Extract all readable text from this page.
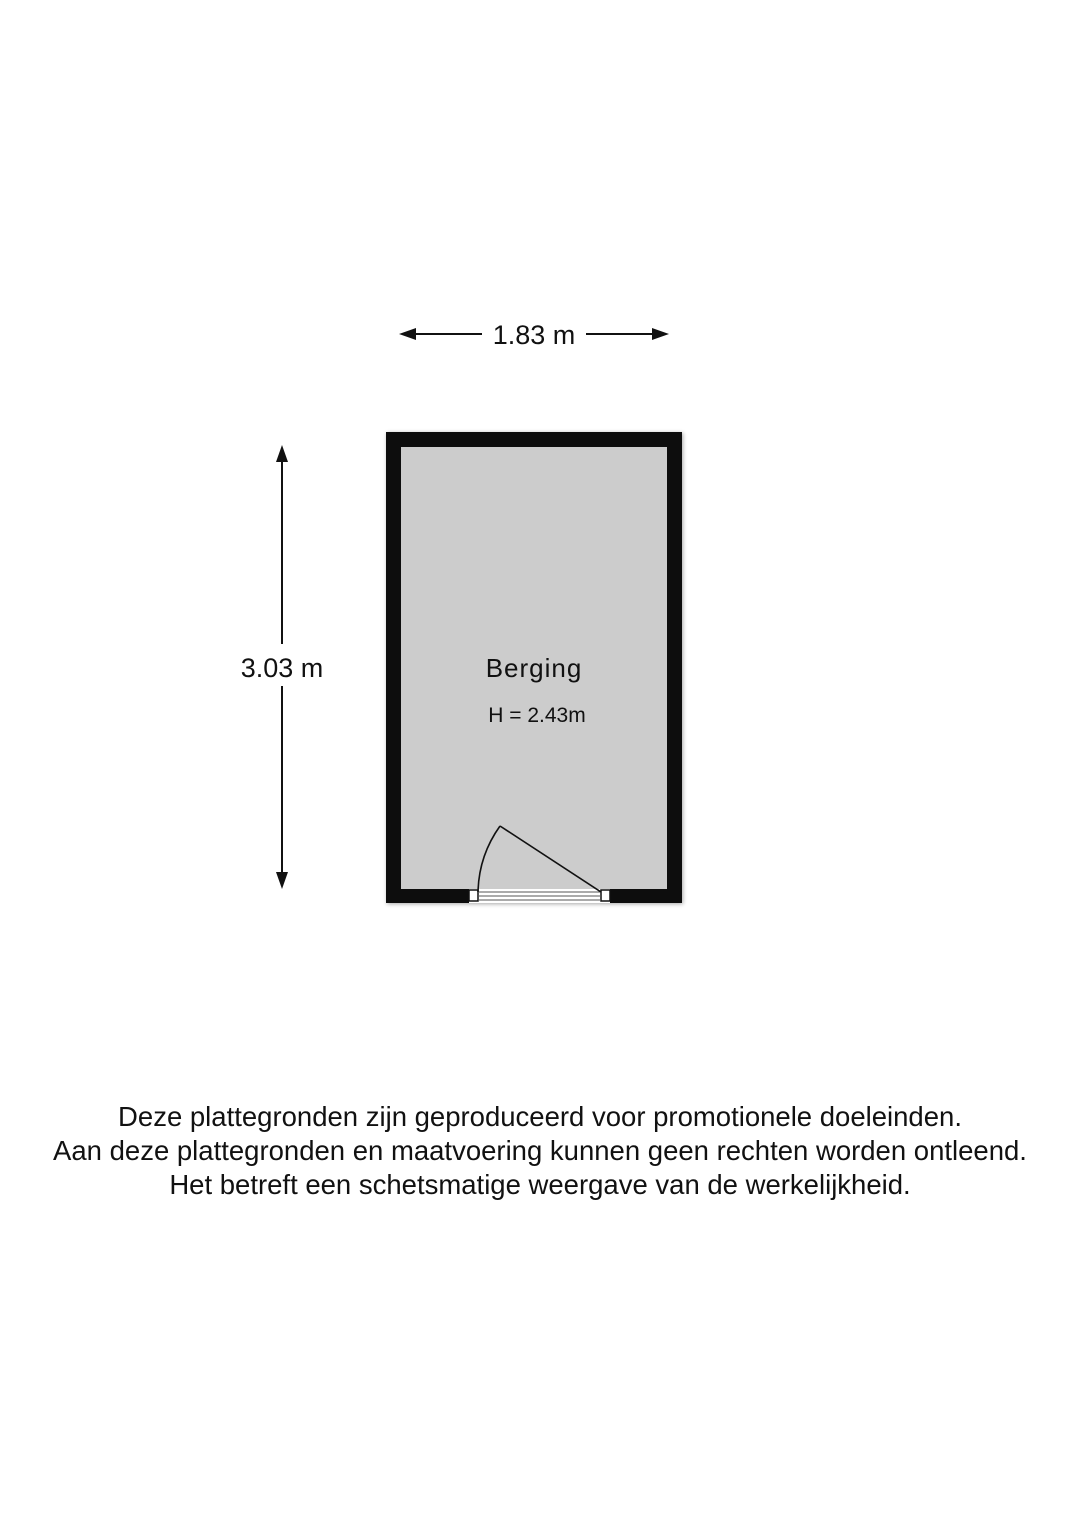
1.83 m
3.03 m	Berging
H = 2.43m
Deze plattegronden zijn geproduceerd voor promotionele doeleinden.
Aan deze plattegronden en maatvoering kunnen geen rechten worden ontleend.
Het betreft een schetsmatige weergave van de werkelijkheid.
